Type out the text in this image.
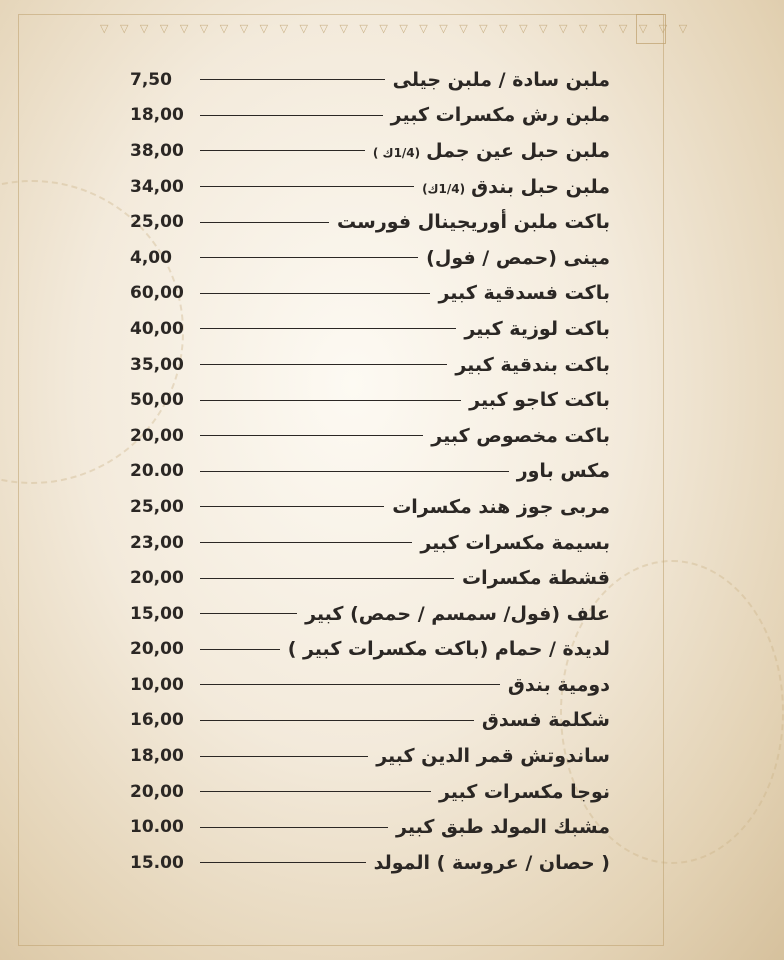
▽ ▽ ▽ ▽ ▽ ▽ ▽ ▽ ▽ ▽ ▽ ▽ ▽ ▽ ▽ ▽ ▽ ▽ ▽ ▽ ▽ ▽ ▽ ▽ ▽ ▽ ▽ ▽ ▽ ▽
7,50	ملبن سادة / ملبن جيلى
18,00	ملبن رش مكسرات كبير
38,00	ملبن حبل عين جمل(1/4ك )
34,00	ملبن حبل بندق(1/4ك)
25,00	باكت ملبن أوريجينال فورست
4,00	مينى (حمص / فول)
60,00	باكت فسدقية كبير
40,00	باكت لوزية كبير
35,00	باكت بندقية كبير
50,00	باكت كاجو كبير
20,00	باكت مخصوص كبير
20.00	مكس باور
25,00	مربى جوز هند مكسرات
23,00	بسيمة مكسرات كبير
20,00	قشطة مكسرات
15,00	علف (فول/ سمسم / حمص) كبير
20,00	لديدة / حمام (باكت مكسرات كبير )
10,00	دومية بندق
16,00	شكلمة فسدق
18,00	ساندوتش قمر الدين كبير
20,00	نوجا مكسرات كبير
10.00	مشبك المولد طبق كبير
15.00	( حصان / عروسة ) المولد
